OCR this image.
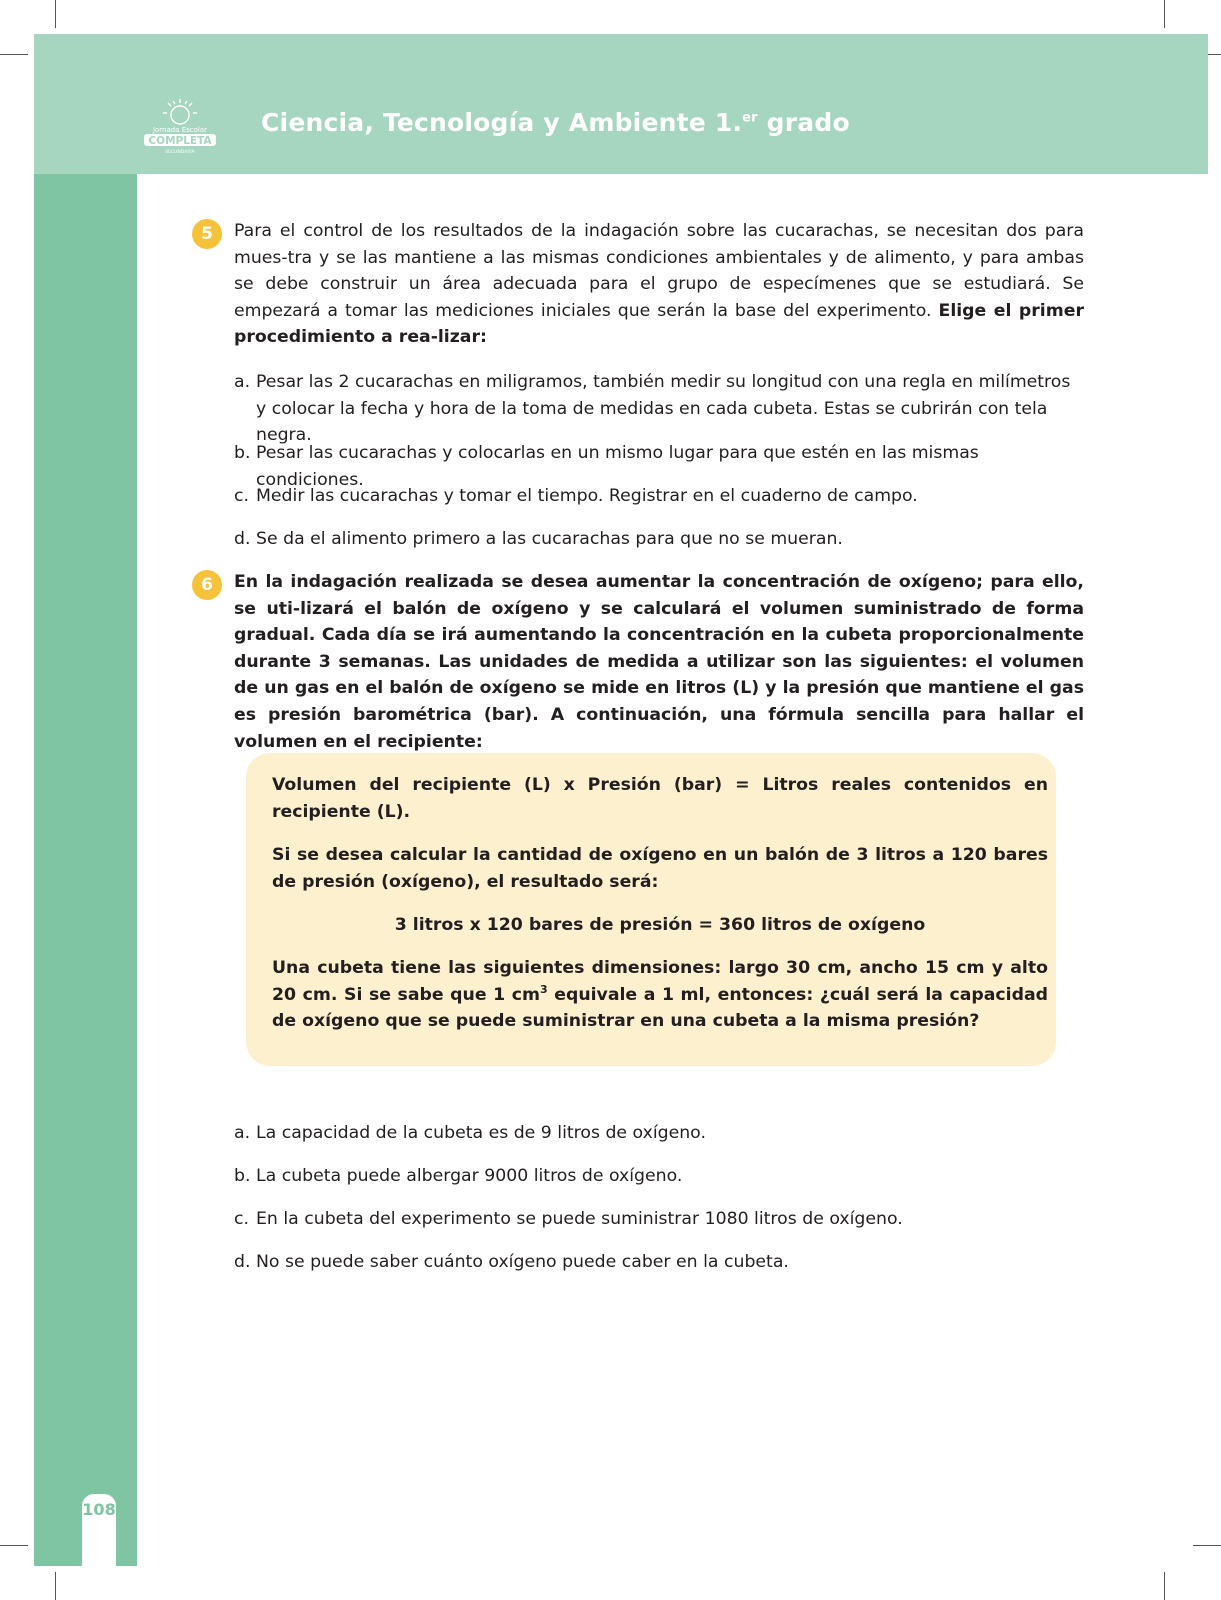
Jornada Escolar
COMPLETA
SECUNDARIA
Ciencia, Tecnología y Ambiente 1.$^{er}$ grado
5	Para el control de los resultados de la indagación sobre las cucarachas, se necesitan dos para mues-tra y se las mantiene a las mismas condiciones ambientales y de alimento, y para ambas se debe construir un área adecuada para el grupo de especímenes que se estudiará. Se empezará a tomar las mediciones iniciales que serán la base del experimento. Elige el primer procedimiento a rea-lizar:
a. Pesar las 2 cucarachas en miligramos, también medir su longitud con una regla en milímetros y colocar la fecha y hora de la toma de medidas en cada cubeta. Estas se cubrirán con tela negra.
b. Pesar las cucarachas y colocarlas en un mismo lugar para que estén en las mismas condiciones.
c. Medir las cucarachas y tomar el tiempo. Registrar en el cuaderno de campo.
d. Se da el alimento primero a las cucarachas para que no se mueran.
6	En la indagación realizada se desea aumentar la concentración de oxígeno; para ello, se uti-lizará el balón de oxígeno y se calculará el volumen suministrado de forma gradual. Cada día se irá aumentando la concentración en la cubeta proporcionalmente durante 3 semanas. Las unidades de medida a utilizar son las siguientes: el volumen de un gas en el balón de oxígeno se mide en litros (L) y la presión que mantiene el gas es presión barométrica (bar). A continuación, una fórmula sencilla para hallar el volumen en el recipiente:
Volumen del recipiente (L) x Presión (bar) = Litros reales contenidos en recipiente (L).
Si se desea calcular la cantidad de oxígeno en un balón de 3 litros a 120 bares de presión (oxígeno), el resultado será:
3 litros x 120 bares de presión = 360 litros de oxígeno
Una cubeta tiene las siguientes dimensiones: largo 30 cm, ancho 15 cm y alto 20 cm. Si se sabe que 1 $cm^3$ equivale a 1 ml, entonces: ¿cuál será la capacidad de oxígeno que se puede suministrar en una cubeta a la misma presión?
a. La capacidad de la cubeta es de 9 litros de oxígeno.
b. La cubeta puede albergar 9000 litros de oxígeno.
c. En la cubeta del experimento se puede suministrar 1080 litros de oxígeno.
d. No se puede saber cuánto oxígeno puede caber en la cubeta.
108
